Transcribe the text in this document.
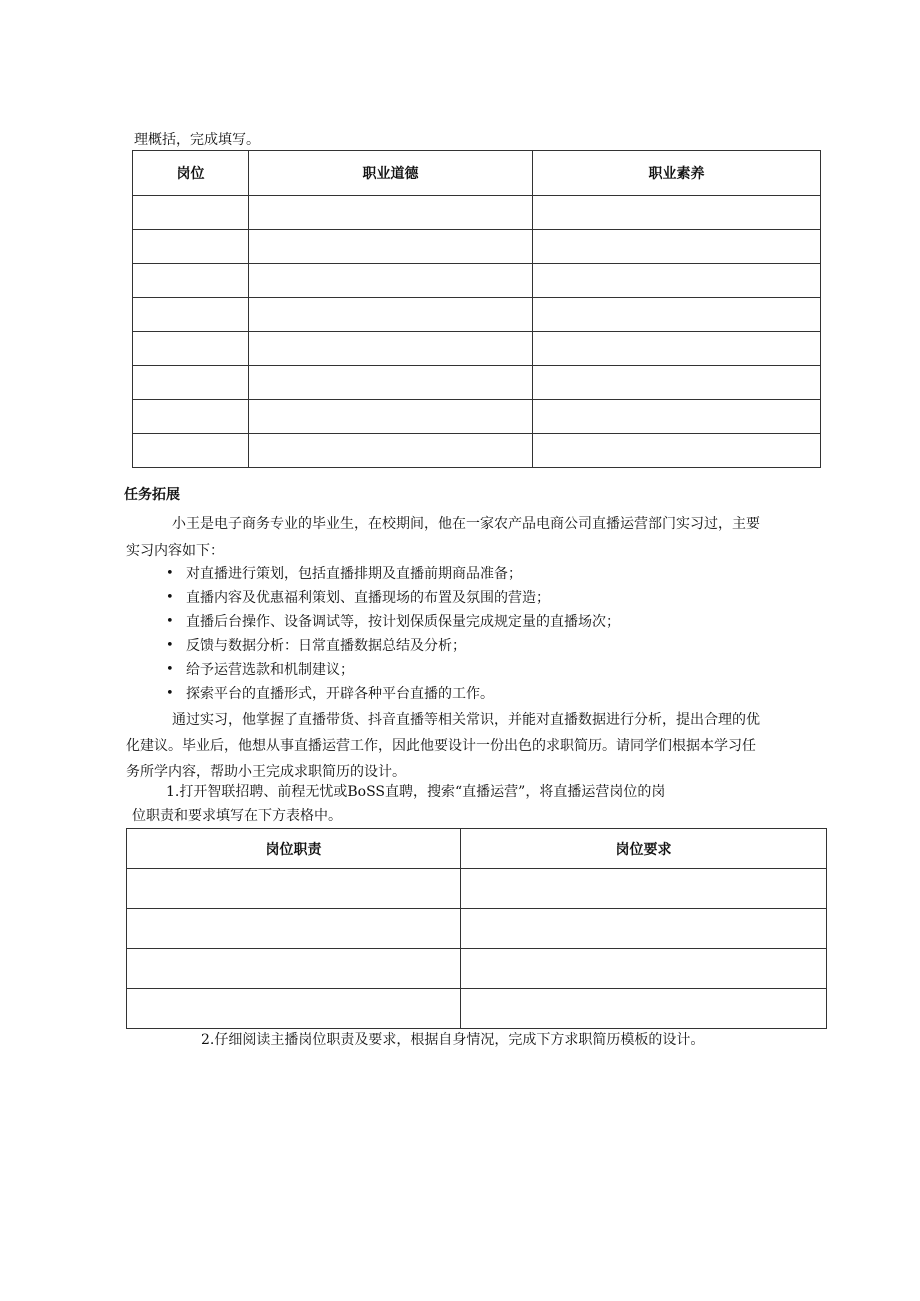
理概括，完成填写。
岗位	职业道德	职业素养

任务拓展
小王是电子商务专业的毕业生，在校期间，他在一家农产品电商公司直播运营部门实习过，主要
实习内容如下：
• 对直播进行策划，包括直播排期及直播前期商品准备；
• 直播内容及优惠福利策划、直播现场的布置及氛围的营造；
• 直播后台操作、设备调试等，按计划保质保量完成规定量的直播场次；
• 反馈与数据分析：日常直播数据总结及分析；
• 给予运营选款和机制建议；
• 探索平台的直播形式，开辟各种平台直播的工作。
通过实习，他掌握了直播带货、抖音直播等相关常识，并能对直播数据进行分析，提出合理的优
化建议。毕业后，他想从事直播运营工作，因此他要设计一份出色的求职简历。请同学们根据本学习任
务所学内容，帮助小王完成求职简历的设计。
1.打开智联招聘、前程无忧或BoSS直聘，搜索“直播运营”，将直播运营岗位的岗
位职责和要求填写在下方表格中。
岗位职责	岗位要求

2.仔细阅读主播岗位职责及要求，根据自身情况，完成下方求职简历模板的设计。
